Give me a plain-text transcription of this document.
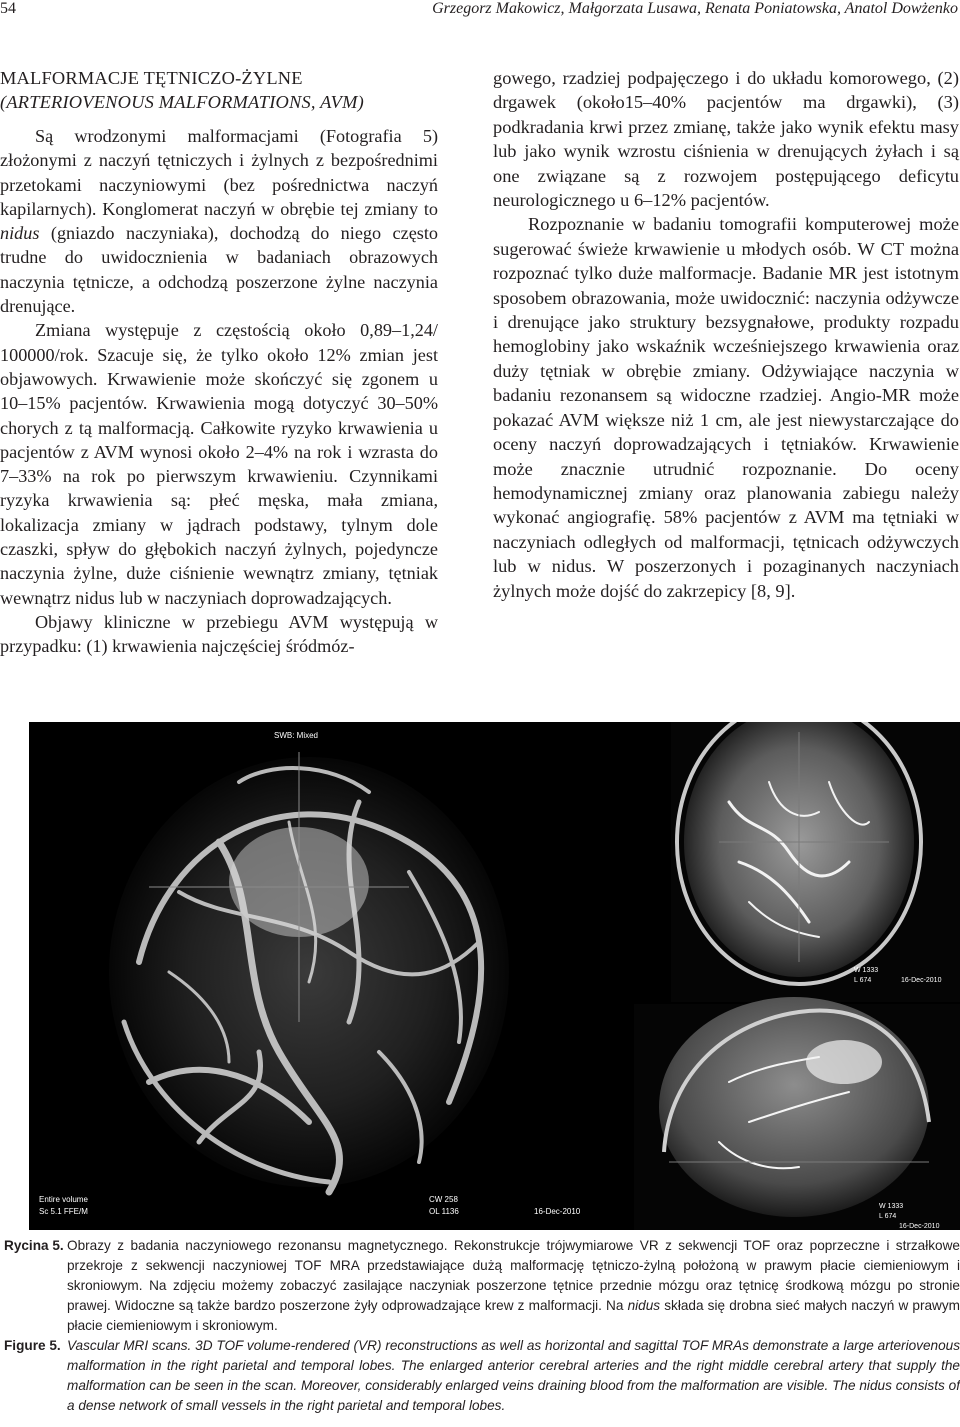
54	Grzegorz Makowicz, Małgorzata Lusawa, Renata Poniatowska, Anatol Dowżenko
MALFORMACJE TĘTNICZO-ŻYLNE
(ARTERIOVENOUS MALFORMATIONS, AVM)

Są wrodzonymi malformacjami (Fotografia 5) złożonymi z naczyń tętniczych i żylnych z bezpośrednimi przetokami naczyniowymi (bez pośrednictwa naczyń kapilarnych). Konglomerat naczyń w obrębie tej zmiany to nidus (gniazdo naczyniaka), dochodzą do niego często trudne do uwidocznienia w badaniach obrazowych naczynia tętnicze, a odchodzą poszerzone żylne naczynia drenujące.

Zmiana występuje z częstością około 0,89–1,24/ 100000/rok. Szacuje się, że tylko około 12% zmian jest objawowych. Krwawienie może skończyć się zgonem u 10–15% pacjentów. Krwawienia mogą dotyczyć 30–50% chorych z tą malformacją. Całkowite ryzyko krwawienia u pacjentów z AVM wynosi około 2–4% na rok i wzrasta do 7–33% na rok po pierwszym krwawieniu. Czynnikami ryzyka krwawienia są: płeć męska, mała zmiana, lokalizacja zmiany w jądrach podstawy, tylnym dole czaszki, spływ do głębokich naczyń żylnych, pojedyncze naczynia żylne, duże ciśnienie wewnątrz zmiany, tętniak wewnątrz nidus lub w naczyniach doprowadzających.

Objawy kliniczne w przebiegu AVM występują w przypadku: (1) krwawienia najczęściej śródmóz-

gowego, rzadziej podpajęczego i do układu komorowego, (2) drgawek (około15–40% pacjentów ma drgawki), (3) podkradania krwi przez zmianę, także jako wynik efektu masy lub jako wynik wzrostu ciśnienia w drenujących żyłach i są one związane są z rozwojem postępującego deficytu neurologicznego u 6–12% pacjentów.

Rozpoznanie w badaniu tomografii komputerowej może sugerować świeże krwawienie u młodych osób. W CT można rozpoznać tylko duże malformacje. Badanie MR jest istotnym sposobem obrazowania, może uwidocznić: naczynia odżywcze i drenujące jako struktury bezsygnałowe, produkty rozpadu hemoglobiny jako wskaźnik wcześniejszego krwawienia oraz duży tętniak w obrębie zmiany. Odżywiające naczynia w badaniu rezonansem są widoczne rzadziej. Angio-MR może pokazać AVM większe niż 1 cm, ale jest niewystarczające do oceny naczyń doprowadzających i tętniaków. Krwawienie może znacznie utrudnić rozpoznanie. Do oceny hemodynamicznej zmiany oraz planowania zabiegu należy wykonać angiografię. 58% pacjentów z AVM ma tętniaki w naczyniach odległych od malformacji, tętnicach odżywczych lub w nidus. W poszerzonych i pozaginanych naczyniach żylnych może dojść do zakrzepicy [8, 9].

Entire volume
Sc 5.1 FFE/M
CW 258
OL 1136	16-Dec-2010
SWB: Mixed
W 1333
L 674	16-Dec-2010
W 1333
L 674
16-Dec-2010
Rycina 5. Obrazy z badania naczyniowego rezonansu magnetycznego. Rekonstrukcje trójwymiarowe VR z sekwencji TOF oraz poprzeczne i strzałkowe przekroje z sekwencji naczyniowej TOF MRA przedstawiające dużą malformację tętniczo-żylną położoną w prawym płacie ciemieniowym i skroniowym. Na zdjęciu możemy zobaczyć zasilające naczyniak poszerzone tętnice przednie mózgu oraz tętnicę środkową mózgu po stronie prawej. Widoczne są także bardzo poszerzone żyły odprowadzające krew z malformacji. Na nidus składa się drobna sieć małych naczyń w prawym płacie ciemieniowym i skroniowym.
Figure 5. Vascular MRI scans. 3D TOF volume-rendered (VR) reconstructions as well as horizontal and sagittal TOF MRAs demonstrate a large arteriovenous malformation in the right parietal and temporal lobes. The enlarged anterior cerebral arteries and the right middle cerebral artery that supply the malformation can be seen in the scan. Moreover, considerably enlarged veins draining blood from the malformation are visible. The nidus consists of a dense network of small vessels in the right parietal and temporal lobes.
